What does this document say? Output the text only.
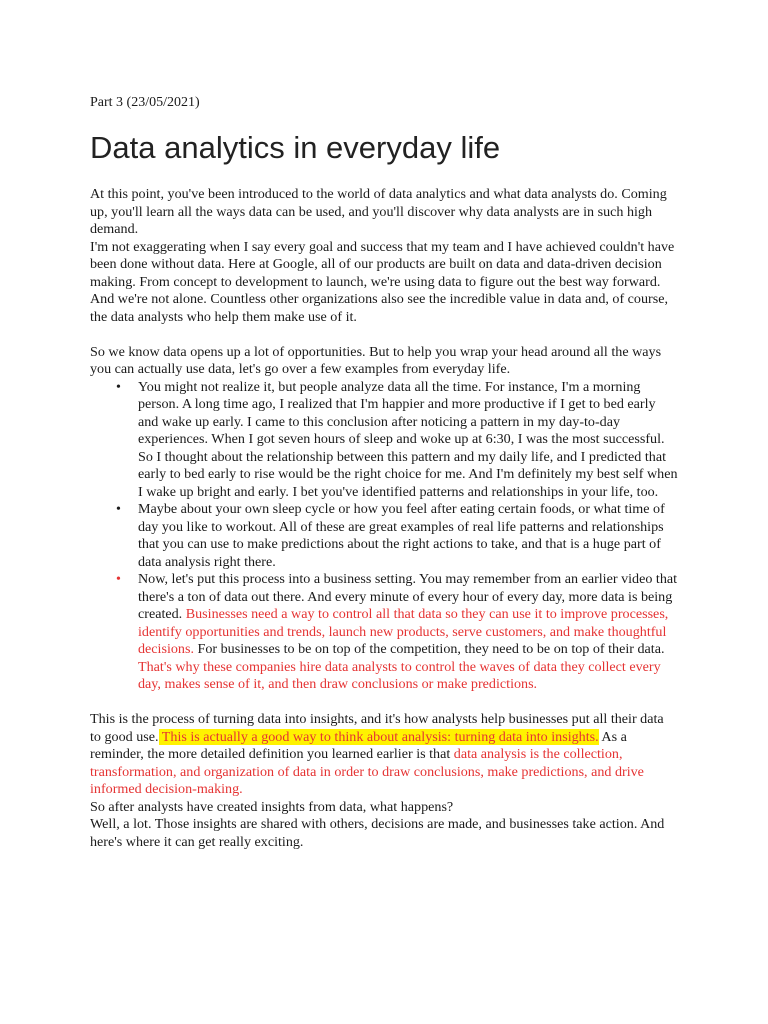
Part 3 (23/05/2021)
Data analytics in everyday life

At this point, you've been introduced to the world of data analytics and what data analysts do. Coming up, you'll learn all the ways data can be used, and you'll discover why data analysts are in such high demand.

I'm not exaggerating when I say every goal and success that my team and I have achieved couldn't have been done without data. Here at Google, all of our products are built on data and data-driven decision making. From concept to development to launch, we're using data to figure out the best way forward. And we're not alone. Countless other organizations also see the incredible value in data and, of course, the data analysts who help them make use of it.

So we know data opens up a lot of opportunities. But to help you wrap your head around all the ways you can actually use data, let's go over a few examples from everyday life.

•	You might not realize it, but people analyze data all the time. For instance, I'm a morning person. A long time ago, I realized that I'm happier and more productive if I get to bed early and wake up early. I came to this conclusion after noticing a pattern in my day-to-day experiences. When I got seven hours of sleep and woke up at 6:30, I was the most successful. So I thought about the relationship between this pattern and my daily life, and I predicted that early to bed early to rise would be the right choice for me. And I'm definitely my best self when I wake up bright and early. I bet you've identified patterns and relationships in your life, too.
•	Maybe about your own sleep cycle or how you feel after eating certain foods, or what time of day you like to workout. All of these are great examples of real life patterns and relationships that you can use to make predictions about the right actions to take, and that is a huge part of data analysis right there.
•	Now, let's put this process into a business setting. You may remember from an earlier video that there's a ton of data out there. And every minute of every hour of every day, more data is being created. Businesses need a way to control all that data so they can use it to improve processes, identify opportunities and trends, launch new products, serve customers, and make thoughtful decisions. For businesses to be on top of the competition, they need to be on top of their data. That's why these companies hire data analysts to control the waves of data they collect every day, makes sense of it, and then draw conclusions or make predictions.

This is the process of turning data into insights, and it's how analysts help businesses put all their data to good use. This is actually a good way to think about analysis: turning data into insights. As a reminder, the more detailed definition you learned earlier is that data analysis is the collection, transformation, and organization of data in order to draw conclusions, make predictions, and drive informed decision-making.

So after analysts have created insights from data, what happens?

Well, a lot. Those insights are shared with others, decisions are made, and businesses take action. And here's where it can get really exciting.
